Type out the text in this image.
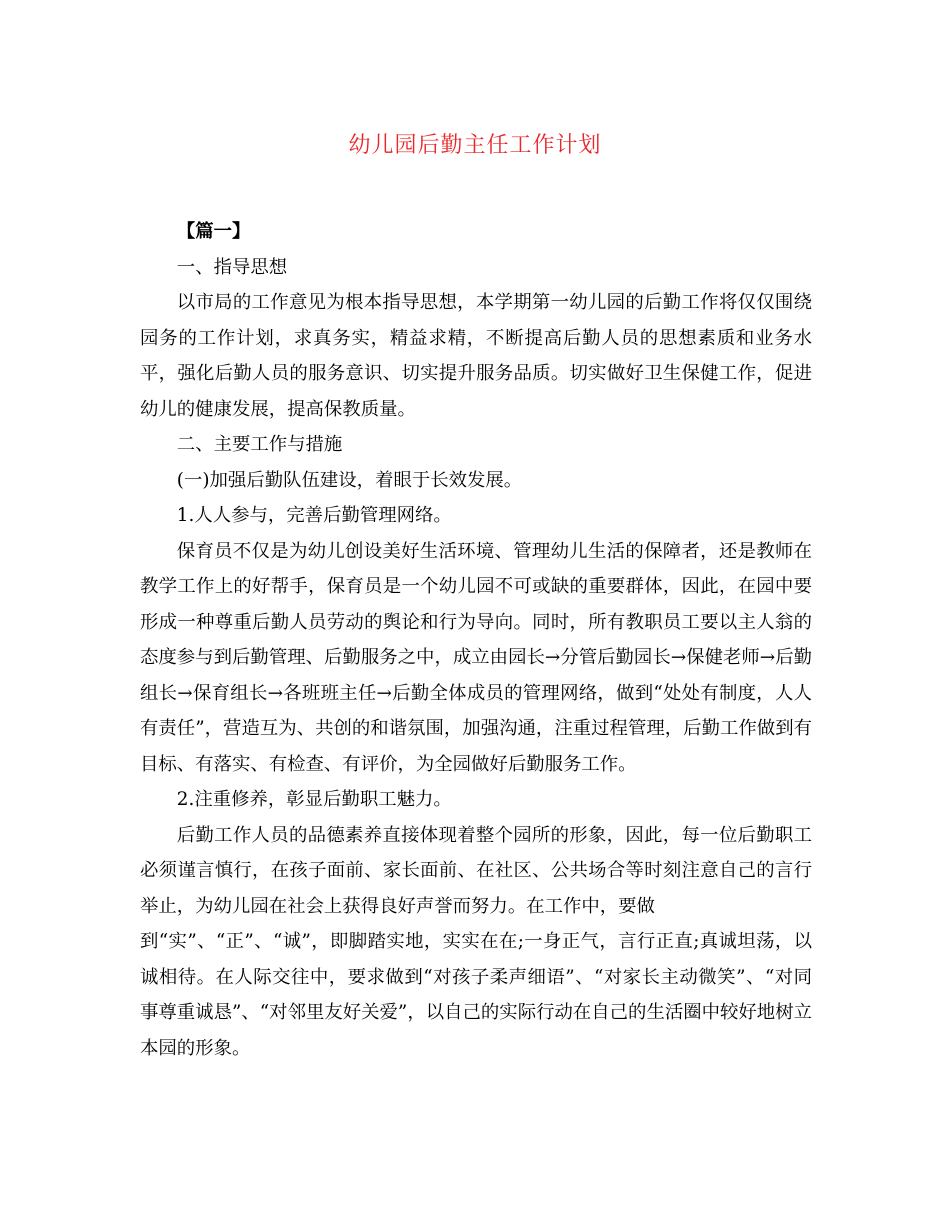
幼儿园后勤主任工作计划

【篇一】

一、指导思想

以市局的工作意见为根本指导思想，本学期第一幼儿园的后勤工作将仅仅围绕园务的工作计划，求真务实，精益求精，不断提高后勤人员的思想素质和业务水平，强化后勤人员的服务意识、切实提升服务品质。切实做好卫生保健工作，促进幼儿的健康发展，提高保教质量。

二、主要工作与措施

(一)加强后勤队伍建设，着眼于长效发展。

1.人人参与，完善后勤管理网络。

保育员不仅是为幼儿创设美好生活环境、管理幼儿生活的保障者，还是教师在教学工作上的好帮手，保育员是一个幼儿园不可或缺的重要群体，因此，在园中要形成一种尊重后勤人员劳动的舆论和行为导向。同时，所有教职员工要以主人翁的态度参与到后勤管理、后勤服务之中，成立由园长→分管后勤园长→保健老师→后勤组长→保育组长→各班班主任→后勤全体成员的管理网络，做到“处处有制度，人人有责任”，营造互为、共创的和谐氛围，加强沟通，注重过程管理，后勤工作做到有目标、有落实、有检查、有评价，为全园做好后勤服务工作。

2.注重修养，彰显后勤职工魅力。

后勤工作人员的品德素养直接体现着整个园所的形象，因此，每一位后勤职工必须谨言慎行，在孩子面前、家长面前、在社区、公共场合等时刻注意自己的言行举止，为幼儿园在社会上获得良好声誉而努力。在工作中，要做

到“实”、“正”、“诚”，即脚踏实地，实实在在;一身正气，言行正直;真诚坦荡，以诚相待。在人际交往中，要求做到“对孩子柔声细语”、“对家长主动微笑”、“对同事尊重诚恳”、“对邻里友好关爱”，以自己的实际行动在自己的生活圈中较好地树立本园的形象。
